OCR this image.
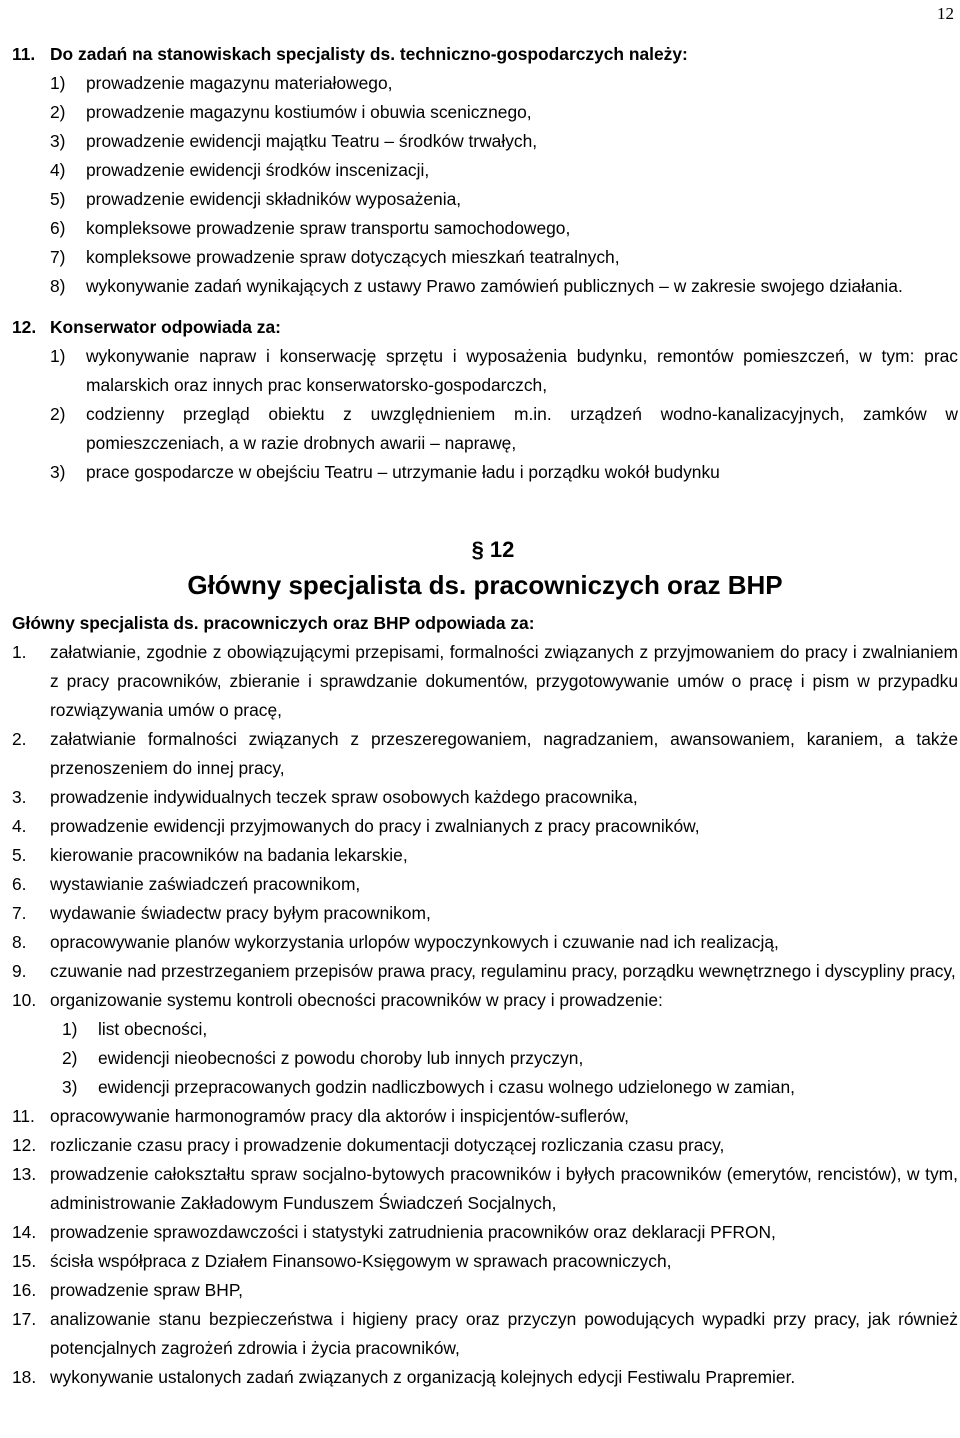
12
11. Do zadań na stanowiskach specjalisty ds. techniczno-gospodarczych należy:
1) prowadzenie magazynu materiałowego,
2) prowadzenie magazynu kostiumów i obuwia scenicznego,
3) prowadzenie ewidencji majątku Teatru – środków trwałych,
4) prowadzenie ewidencji środków inscenizacji,
5) prowadzenie ewidencji składników wyposażenia,
6) kompleksowe prowadzenie spraw transportu samochodowego,
7) kompleksowe prowadzenie spraw dotyczących mieszkań teatralnych,
8) wykonywanie zadań wynikających z ustawy Prawo zamówień publicznych – w zakresie swojego działania.
12. Konserwator odpowiada za:
1) wykonywanie napraw i konserwację sprzętu i wyposażenia budynku, remontów pomieszczeń, w tym: prac malarskich oraz innych prac konserwatorsko-gospodarczch,
2) codzienny przegląd obiektu z uwzględnieniem m.in. urządzeń wodno-kanalizacyjnych, zamków w pomieszczeniach, a w razie drobnych awarii – naprawę,
3) prace gospodarcze w obejściu Teatru – utrzymanie ładu i porządku wokół budynku
§ 12
Główny specjalista ds. pracowniczych oraz BHP
Główny specjalista ds. pracowniczych oraz BHP odpowiada za:
1. załatwianie, zgodnie z obowiązującymi przepisami, formalności związanych z przyjmowaniem do pracy i zwalnianiem z pracy pracowników, zbieranie i sprawdzanie dokumentów, przygotowywanie umów o pracę i pism w przypadku rozwiązywania umów o pracę,
2. załatwianie formalności związanych z przeszeregowaniem, nagradzaniem, awansowaniem, karaniem, a także przenoszeniem do innej pracy,
3. prowadzenie indywidualnych teczek spraw osobowych każdego pracownika,
4. prowadzenie ewidencji przyjmowanych do pracy i zwalnianych z pracy pracowników,
5. kierowanie pracowników na badania lekarskie,
6. wystawianie zaświadczeń pracownikom,
7. wydawanie świadectw pracy byłym pracownikom,
8. opracowywanie planów wykorzystania urlopów wypoczynkowych i czuwanie nad ich realizacją,
9. czuwanie nad przestrzeganiem przepisów prawa pracy, regulaminu pracy, porządku wewnętrznego i dyscypliny pracy,
10. organizowanie systemu kontroli obecności pracowników w pracy i prowadzenie:
1) list obecności,
2) ewidencji nieobecności z powodu choroby lub innych przyczyn,
3) ewidencji przepracowanych godzin nadliczbowych i czasu wolnego udzielonego w zamian,
11. opracowywanie harmonogramów pracy dla aktorów i inspicjentów-suflerów,
12. rozliczanie czasu pracy i prowadzenie dokumentacji dotyczącej rozliczania czasu pracy,
13. prowadzenie całokształtu spraw socjalno-bytowych pracowników i byłych pracowników (emerytów, rencistów), w tym, administrowanie Zakładowym Funduszem Świadczeń Socjalnych,
14. prowadzenie sprawozdawczości i statystyki zatrudnienia pracowników oraz deklaracji PFRON,
15. ścisła współpraca z Działem Finansowo-Księgowym w sprawach pracowniczych,
16. prowadzenie spraw BHP,
17. analizowanie stanu bezpieczeństwa i higieny pracy oraz przyczyn powodujących wypadki przy pracy, jak również potencjalnych zagrożeń zdrowia i życia pracowników,
18. wykonywanie ustalonych zadań związanych z organizacją kolejnych edycji Festiwalu Prapremier.
